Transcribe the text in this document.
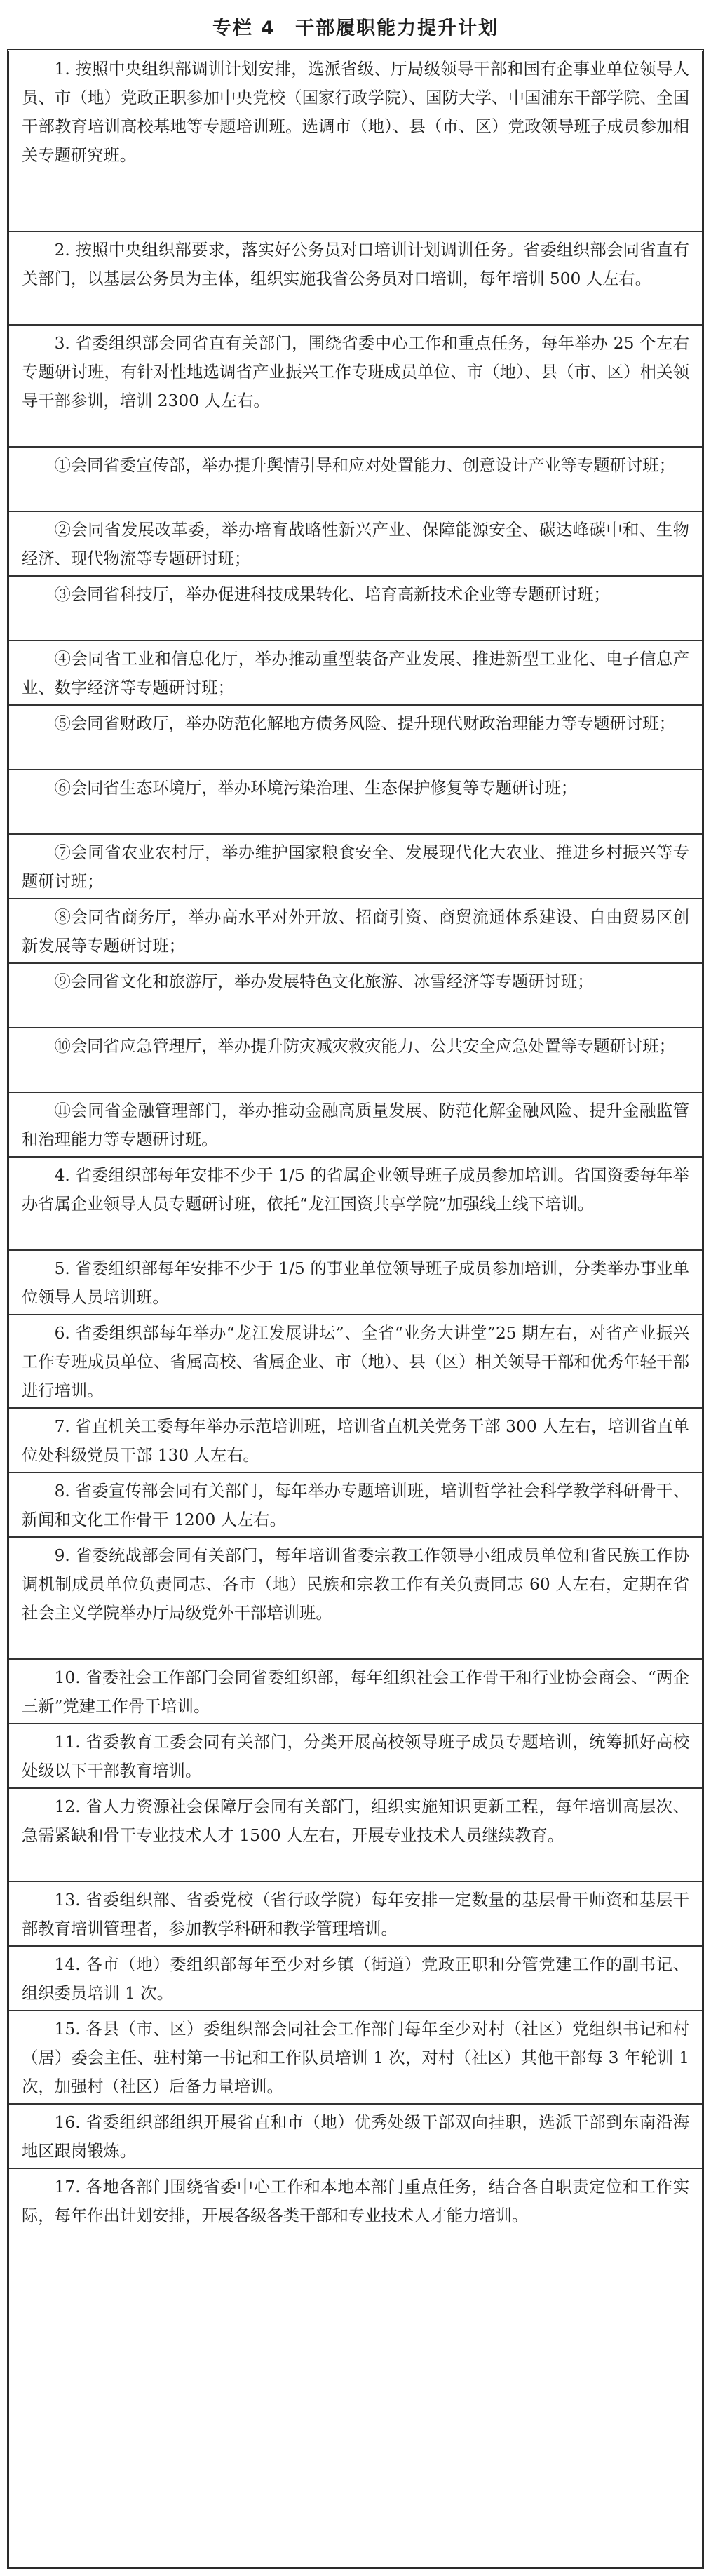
专栏 4 干部履职能力提升计划
1. 按照中央组织部调训计划安排，选派省级、厅局级领导干部和国有企事业单位领导人员、市（地）党政正职参加中央党校（国家行政学院）、国防大学、中国浦东干部学院、全国干部教育培训高校基地等专题培训班。选调市（地）、县（市、区）党政领导班子成员参加相关专题研究班。
2. 按照中央组织部要求，落实好公务员对口培训计划调训任务。省委组织部会同省直有关部门，以基层公务员为主体，组织实施我省公务员对口培训，每年培训 500 人左右。
3. 省委组织部会同省直有关部门，围绕省委中心工作和重点任务，每年举办 25 个左右专题研讨班，有针对性地选调省产业振兴工作专班成员单位、市（地）、县（市、区）相关领导干部参训，培训 2300 人左右。
①会同省委宣传部，举办提升舆情引导和应对处置能力、创意设计产业等专题研讨班；
②会同省发展改革委，举办培育战略性新兴产业、保障能源安全、碳达峰碳中和、生物经济、现代物流等专题研讨班；
③会同省科技厅，举办促进科技成果转化、培育高新技术企业等专题研讨班；
④会同省工业和信息化厅，举办推动重型装备产业发展、推进新型工业化、电子信息产业、数字经济等专题研讨班；
⑤会同省财政厅，举办防范化解地方债务风险、提升现代财政治理能力等专题研讨班；
⑥会同省生态环境厅，举办环境污染治理、生态保护修复等专题研讨班；
⑦会同省农业农村厅，举办维护国家粮食安全、发展现代化大农业、推进乡村振兴等专题研讨班；
⑧会同省商务厅，举办高水平对外开放、招商引资、商贸流通体系建设、自由贸易区创新发展等专题研讨班；
⑨会同省文化和旅游厅，举办发展特色文化旅游、冰雪经济等专题研讨班；
⑩会同省应急管理厅，举办提升防灾减灾救灾能力、公共安全应急处置等专题研讨班；
⑪会同省金融管理部门，举办推动金融高质量发展、防范化解金融风险、提升金融监管和治理能力等专题研讨班。
4. 省委组织部每年安排不少于 1/5 的省属企业领导班子成员参加培训。省国资委每年举办省属企业领导人员专题研讨班，依托“龙江国资共享学院”加强线上线下培训。
5. 省委组织部每年安排不少于 1/5 的事业单位领导班子成员参加培训，分类举办事业单位领导人员培训班。
6. 省委组织部每年举办“龙江发展讲坛”、全省“业务大讲堂”25 期左右，对省产业振兴工作专班成员单位、省属高校、省属企业、市（地）、县（区）相关领导干部和优秀年轻干部进行培训。
7. 省直机关工委每年举办示范培训班，培训省直机关党务干部 300 人左右，培训省直单位处科级党员干部 130 人左右。
8. 省委宣传部会同有关部门，每年举办专题培训班，培训哲学社会科学教学科研骨干、新闻和文化工作骨干 1200 人左右。
9. 省委统战部会同有关部门，每年培训省委宗教工作领导小组成员单位和省民族工作协调机制成员单位负责同志、各市（地）民族和宗教工作有关负责同志 60 人左右，定期在省社会主义学院举办厅局级党外干部培训班。
10. 省委社会工作部门会同省委组织部，每年组织社会工作骨干和行业协会商会、“两企三新”党建工作骨干培训。
11. 省委教育工委会同有关部门，分类开展高校领导班子成员专题培训，统筹抓好高校处级以下干部教育培训。
12. 省人力资源社会保障厅会同有关部门，组织实施知识更新工程，每年培训高层次、急需紧缺和骨干专业技术人才 1500 人左右，开展专业技术人员继续教育。
13. 省委组织部、省委党校（省行政学院）每年安排一定数量的基层骨干师资和基层干部教育培训管理者，参加教学科研和教学管理培训。
14. 各市（地）委组织部每年至少对乡镇（街道）党政正职和分管党建工作的副书记、组织委员培训 1 次。
15. 各县（市、区）委组织部会同社会工作部门每年至少对村（社区）党组织书记和村（居）委会主任、驻村第一书记和工作队员培训 1 次，对村（社区）其他干部每 3 年轮训 1 次，加强村（社区）后备力量培训。
16. 省委组织部组织开展省直和市（地）优秀处级干部双向挂职，选派干部到东南沿海地区跟岗锻炼。
17. 各地各部门围绕省委中心工作和本地本部门重点任务，结合各自职责定位和工作实际，每年作出计划安排，开展各级各类干部和专业技术人才能力培训。
